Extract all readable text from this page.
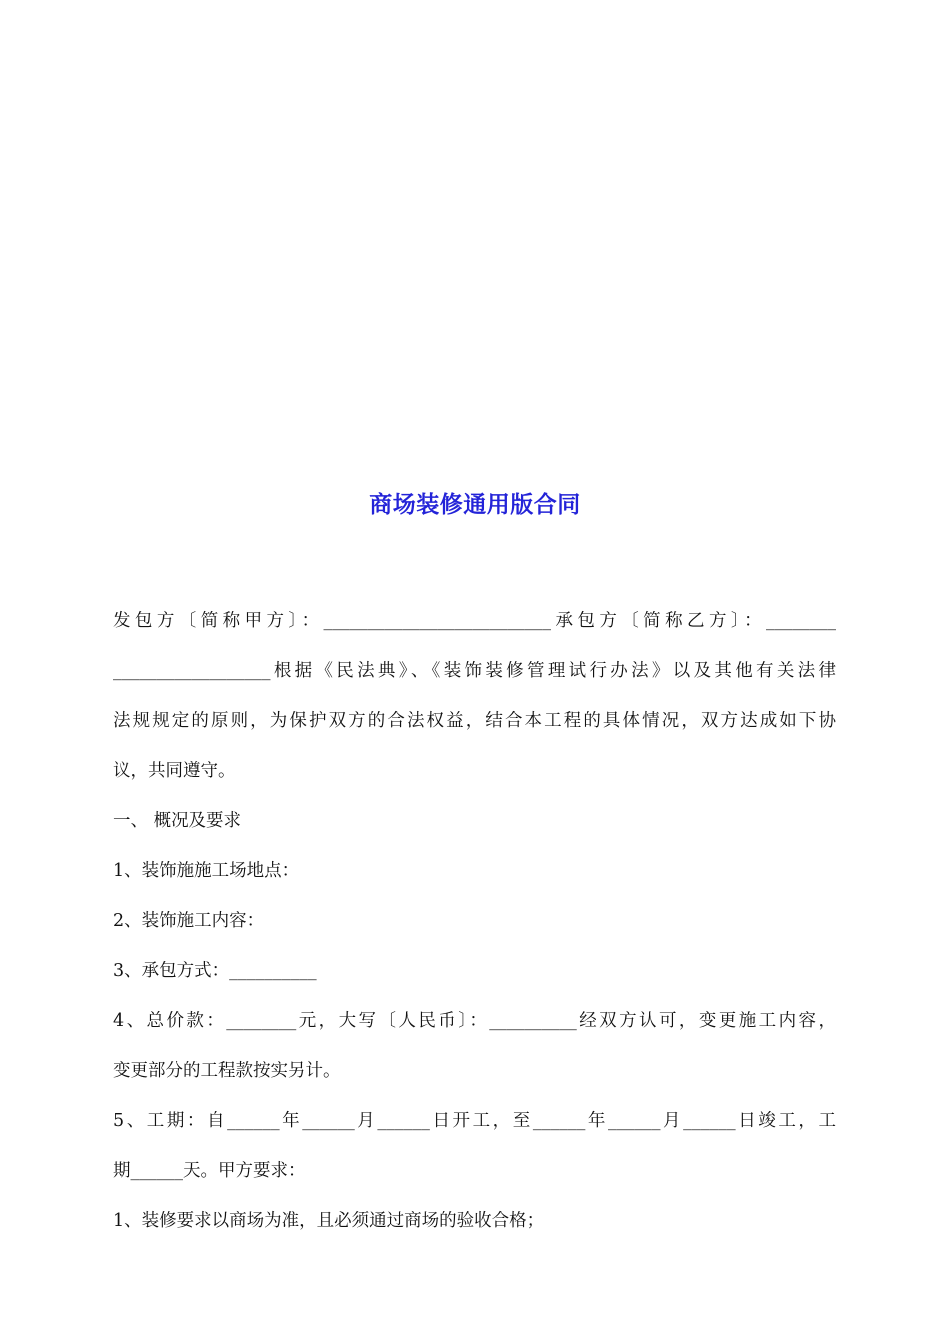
商场装修通用版合同
发包方〔简称甲方〕：__________________________承包方〔简称乙方〕：________
__________________根据《民法典》、《装饰装修管理试行办法》以及其他有关法律
法规规定的原则，为保护双方的合法权益，结合本工程的具体情况，双方达成如下协
议，共同遵守。
一、 概况及要求
1、装饰施施工场地点：
2、装饰施工内容：
3、承包方式：__________
4、总价款：________元，大写〔人民币〕：__________经双方认可，变更施工内容，
变更部分的工程款按实另计。
5、工期：自______年______月______日开工，至______年______月______日竣工，工
期______天。甲方要求：
1、装修要求以商场为准，且必须通过商场的验收合格；
